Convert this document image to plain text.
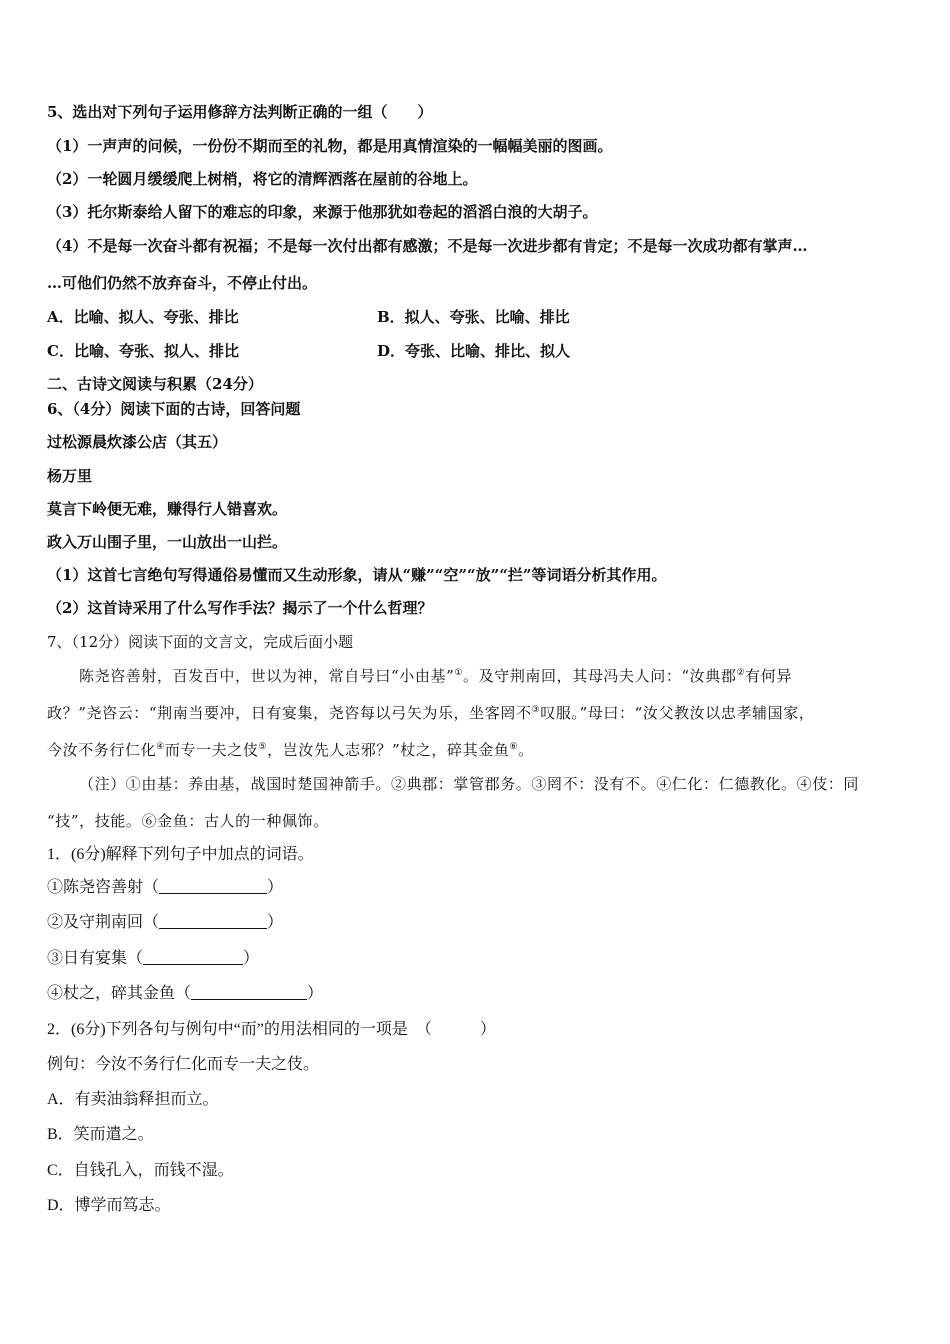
5、选出对下列句子运用修辞方法判断正确的一组（　　）
（1）一声声的问候，一份份不期而至的礼物，都是用真情渲染的一幅幅美丽的图画。
（2）一轮圆月缓缓爬上树梢，将它的清辉洒落在屋前的谷地上。
（3）托尔斯泰给人留下的难忘的印象，来源于他那犹如卷起的滔滔白浪的大胡子。
（4）不是每一次奋斗都有祝福；不是每一次付出都有感激；不是每一次进步都有肯定；不是每一次成功都有掌声…
…可他们仍然不放弃奋斗，不停止付出。
A．比喻、拟人、夸张、排比	B．拟人、夸张、比喻、排比
C．比喻、夸张、拟人、排比	D．夸张、比喻、排比、拟人
二、古诗文阅读与积累（24分）
6、（4分）阅读下面的古诗，回答问题
过松源晨炊漆公店（其五）
杨万里
莫言下岭便无难，赚得行人错喜欢。
政入万山围子里，一山放出一山拦。
（1）这首七言绝句写得通俗易懂而又生动形象，请从“赚”“空”“放”“拦”等词语分析其作用。
（2）这首诗采用了什么写作手法？揭示了一个什么哲理？
7、（12分）阅读下面的文言文，完成后面小题
陈尧咨善射，百发百中，世以为神，常自号曰“小由基”①。及守荆南回，其母冯夫人问：“汝典郡②有何异
政？”尧咨云：“荆南当要冲，日有宴集，尧咨每以弓矢为乐，坐客罔不③叹服。”母曰：“汝父教汝以忠孝辅国家，
今汝不务行仁化④而专一夫之伎⑤，岂汝先人志邪？”杖之，碎其金鱼⑥。
（注）①由基：养由基，战国时楚国神箭手。②典郡：掌管郡务。③罔不：没有不。④仁化：仁德教化。④伎：同
“技”，技能。⑥金鱼：古人的一种佩饰。
1．(6分)解释下列句子中加点的词语。
①陈尧咨善射（	）
②及守荆南回（	）
③日有宴集（	）
④杖之，碎其金鱼（	）
2．(6分)下列各句与例句中“而”的用法相同的一项是　（　　　）
例句：今汝不务行仁化而专一夫之伎。
A．有卖油翁释担而立。
B．笑而遣之。
C．自钱孔入，而钱不湿。
D．博学而笃志。
